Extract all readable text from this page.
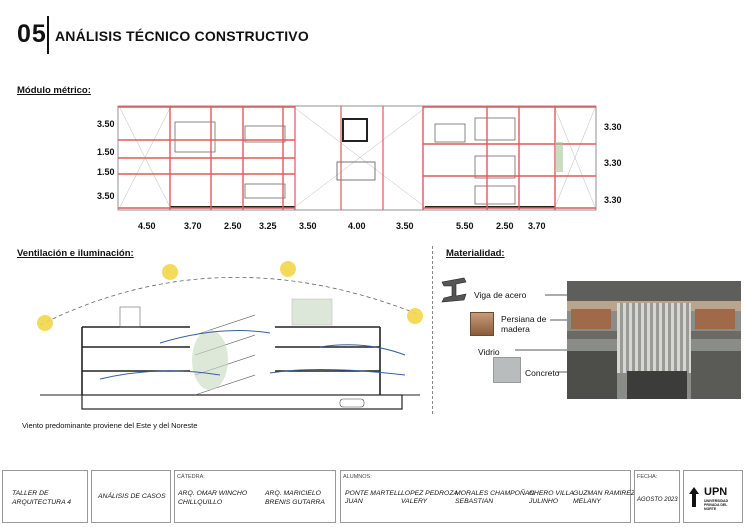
05 ANÁLISIS TÉCNICO CONSTRUCTIVO
Módulo métrico:
3.50
1.50
1.50
3.50
3.30
3.30
3.30
4.50	3.70 2.50 3.25 3.50	4.00	3.50	5.50 2.50 3.70
Ventilación e iluminación:
Viento predominante proviene del Este y del Noreste
Materialidad:
Viga de acero
Persiana de madera
Vidrio
Concreto
TALLER DE
ARQUITECTURA 4
ANÁLISIS DE CASOS
CÁTEDRA:
ARQ. OMAR WINCHO
CHILLQUILLO
ARQ. MARICIELO
BRENIS GUTARRA
ALUMNOS:
PONTE MARTELL
JUAN
LOPEZ PEDROZA
VALERY
MORALES CHAMPOÑAN
SEBASTIAN
CHERO VILLA
JULINHO
GUZMAN RAMIREZ
MELANY
FECHA:
AGOSTO 2023
UPN
UNIVERSIDAD PRIVADA DEL NORTE
